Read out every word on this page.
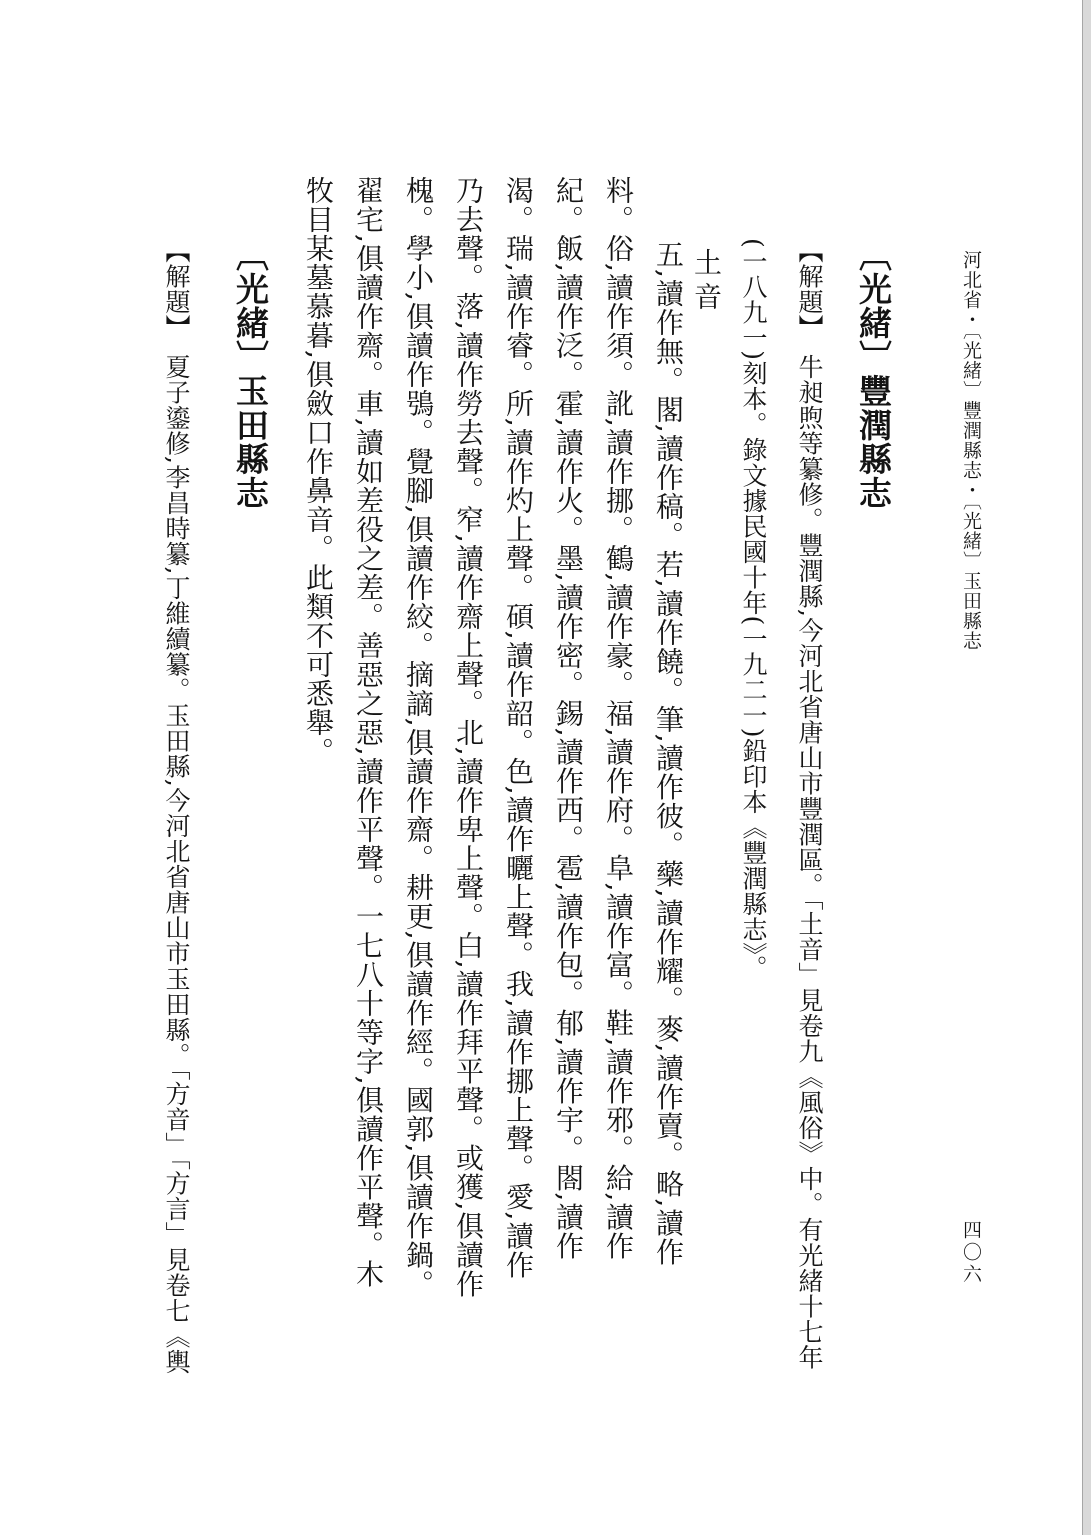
河北省・〔光緒〕豐潤縣志・〔光緒〕玉田縣志
四〇六
〔光緒〕豐潤縣志
【解題】牛昶煦等纂修。豐潤縣,今河北省唐山市豐潤區。「土音」見卷九《風俗》中。有光緒十七年
(一八九一)刻本。錄文據民國十年(一九二一)鉛印本《豐潤縣志》。
土音
五,讀作無。閣,讀作稿。若,讀作饒。筆,讀作彼。藥,讀作耀。麥,讀作賣。略,讀作
料。俗,讀作須。訛,讀作挪。鶴,讀作豪。福,讀作府。阜,讀作富。鞋,讀作邪。給,讀作
紀。飯,讀作泛。霍,讀作火。墨,讀作密。錫,讀作西。雹,讀作包。郁,讀作宇。閤,讀作
渴。瑞,讀作睿。所,讀作灼上聲。碩,讀作韶。色,讀作曬上聲。我,讀作挪上聲。愛,讀作
乃去聲。落,讀作勞去聲。窄,讀作齋上聲。北,讀作卑上聲。白,讀作拜平聲。或獲,俱讀作
槐。學小,俱讀作鴞。覺腳,俱讀作絞。摘謫,俱讀作齋。耕更,俱讀作經。國郭,俱讀作鍋。
翟宅,俱讀作齋。車,讀如差役之差。善惡之惡,讀作平聲。一七八十等字,俱讀作平聲。木
牧目某墓慕暮,俱斂口作鼻音。此類不可悉舉。
〔光緒〕玉田縣志
【解題】夏子鎏修,李昌時纂,丁維續纂。玉田縣,今河北省唐山市玉田縣。「方音」「方言」見卷七《輿
